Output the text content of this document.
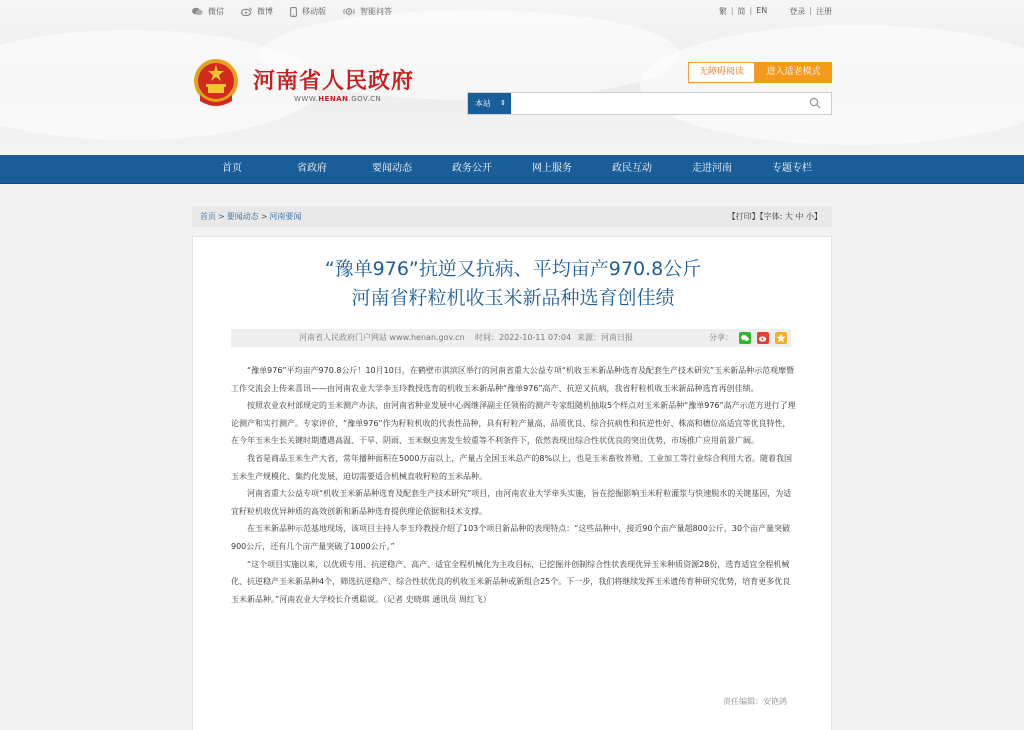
微信	微博	移动版	智能问答	繁 | 简 | EN	登录 | 注册
河南省人民政府
WWW.HENAN.GOV.CN
无障碍阅读	进入适老模式
本站 ⇕
首页	省政府	要闻动态	政务公开	网上服务	政民互动	走进河南	专题专栏
首页 > 要闻动态 > 河南要闻	【打印】【字体: 大 中 小】
“豫单976”抗逆又抗病、平均亩产970.8公斤
河南省籽粒机收玉米新品种选育创佳绩
河南省人民政府门户网站 www.henan.gov.cn 时间：2022-10-11 07:04 来源：河南日报	分享：

“豫单976”平均亩产970.8公斤！10月10日，在鹤壁市淇滨区举行的河南省重大公益专项“机收玉米新品种选育及配套生产技术研究”玉米新品种示范观摩暨工作交流会上传来喜讯——由河南农业大学李玉玲教授选育的机收玉米新品种“豫单976”高产、抗逆又抗病，我省籽粒机收玉米新品种选育再创佳绩。

按照农业农村部规定的玉米测产办法，由河南省种业发展中心阁继泽副主任领衔的测产专家组随机抽取5个样点对玉米新品种“豫单976”高产示范方进行了理论测产和实打测产。专家评价，“豫单976”作为籽粒机收的代表性品种，具有籽粒产量高、品质优良、综合抗病性和抗逆性好、株高和穗位高适宜等优良特性，在今年玉米生长关键时期遭遇高温、干旱、阴雨、玉米螟虫害发生较重等不利条件下，依然表现出综合性状优良的突出优势，市场推广应用前景广阔。

我省是商品玉米生产大省，常年播种面积在5000万亩以上，产量占全国玉米总产的8%以上，也是玉米畜牧养殖、工业加工等行业综合利用大省。随着我国玉米生产规模化、集约化发展，迫切需要适合机械直收籽粒的玉米品种。

河南省重大公益专项“机收玉米新品种选育及配套生产技术研究”项目，由河南农业大学牵头实施，旨在挖掘影响玉米籽粒灌浆与快速脱水的关键基因，为适宜籽粒机收优异种质的高效创新和新品种选育提供理论依据和技术支撑。

在玉米新品种示范基地现场，该项目主持人李玉玲教授介绍了103个项目新品种的表现特点：“这些品种中，接近90个亩产量超800公斤，30个亩产量突破900公斤，还有几个亩产量突破了1000公斤。”

“这个项目实施以来，以优质专用、抗逆稳产、高产、适宜全程机械化为主攻目标，已挖掘并创制综合性状表现优异玉米种质资源28份，选育适宜全程机械化、抗逆稳产玉米新品种4个，筛选抗逆稳产、综合性状优良的机收玉米新品种或新组合25个。下一步，我们将继续发挥玉米遗传育种研究优势，培育更多优良玉米新品种。”河南农业大学校长介勇聪说。（记者 史晓琪 通讯员 周红飞）

责任编辑：安艳鸽
